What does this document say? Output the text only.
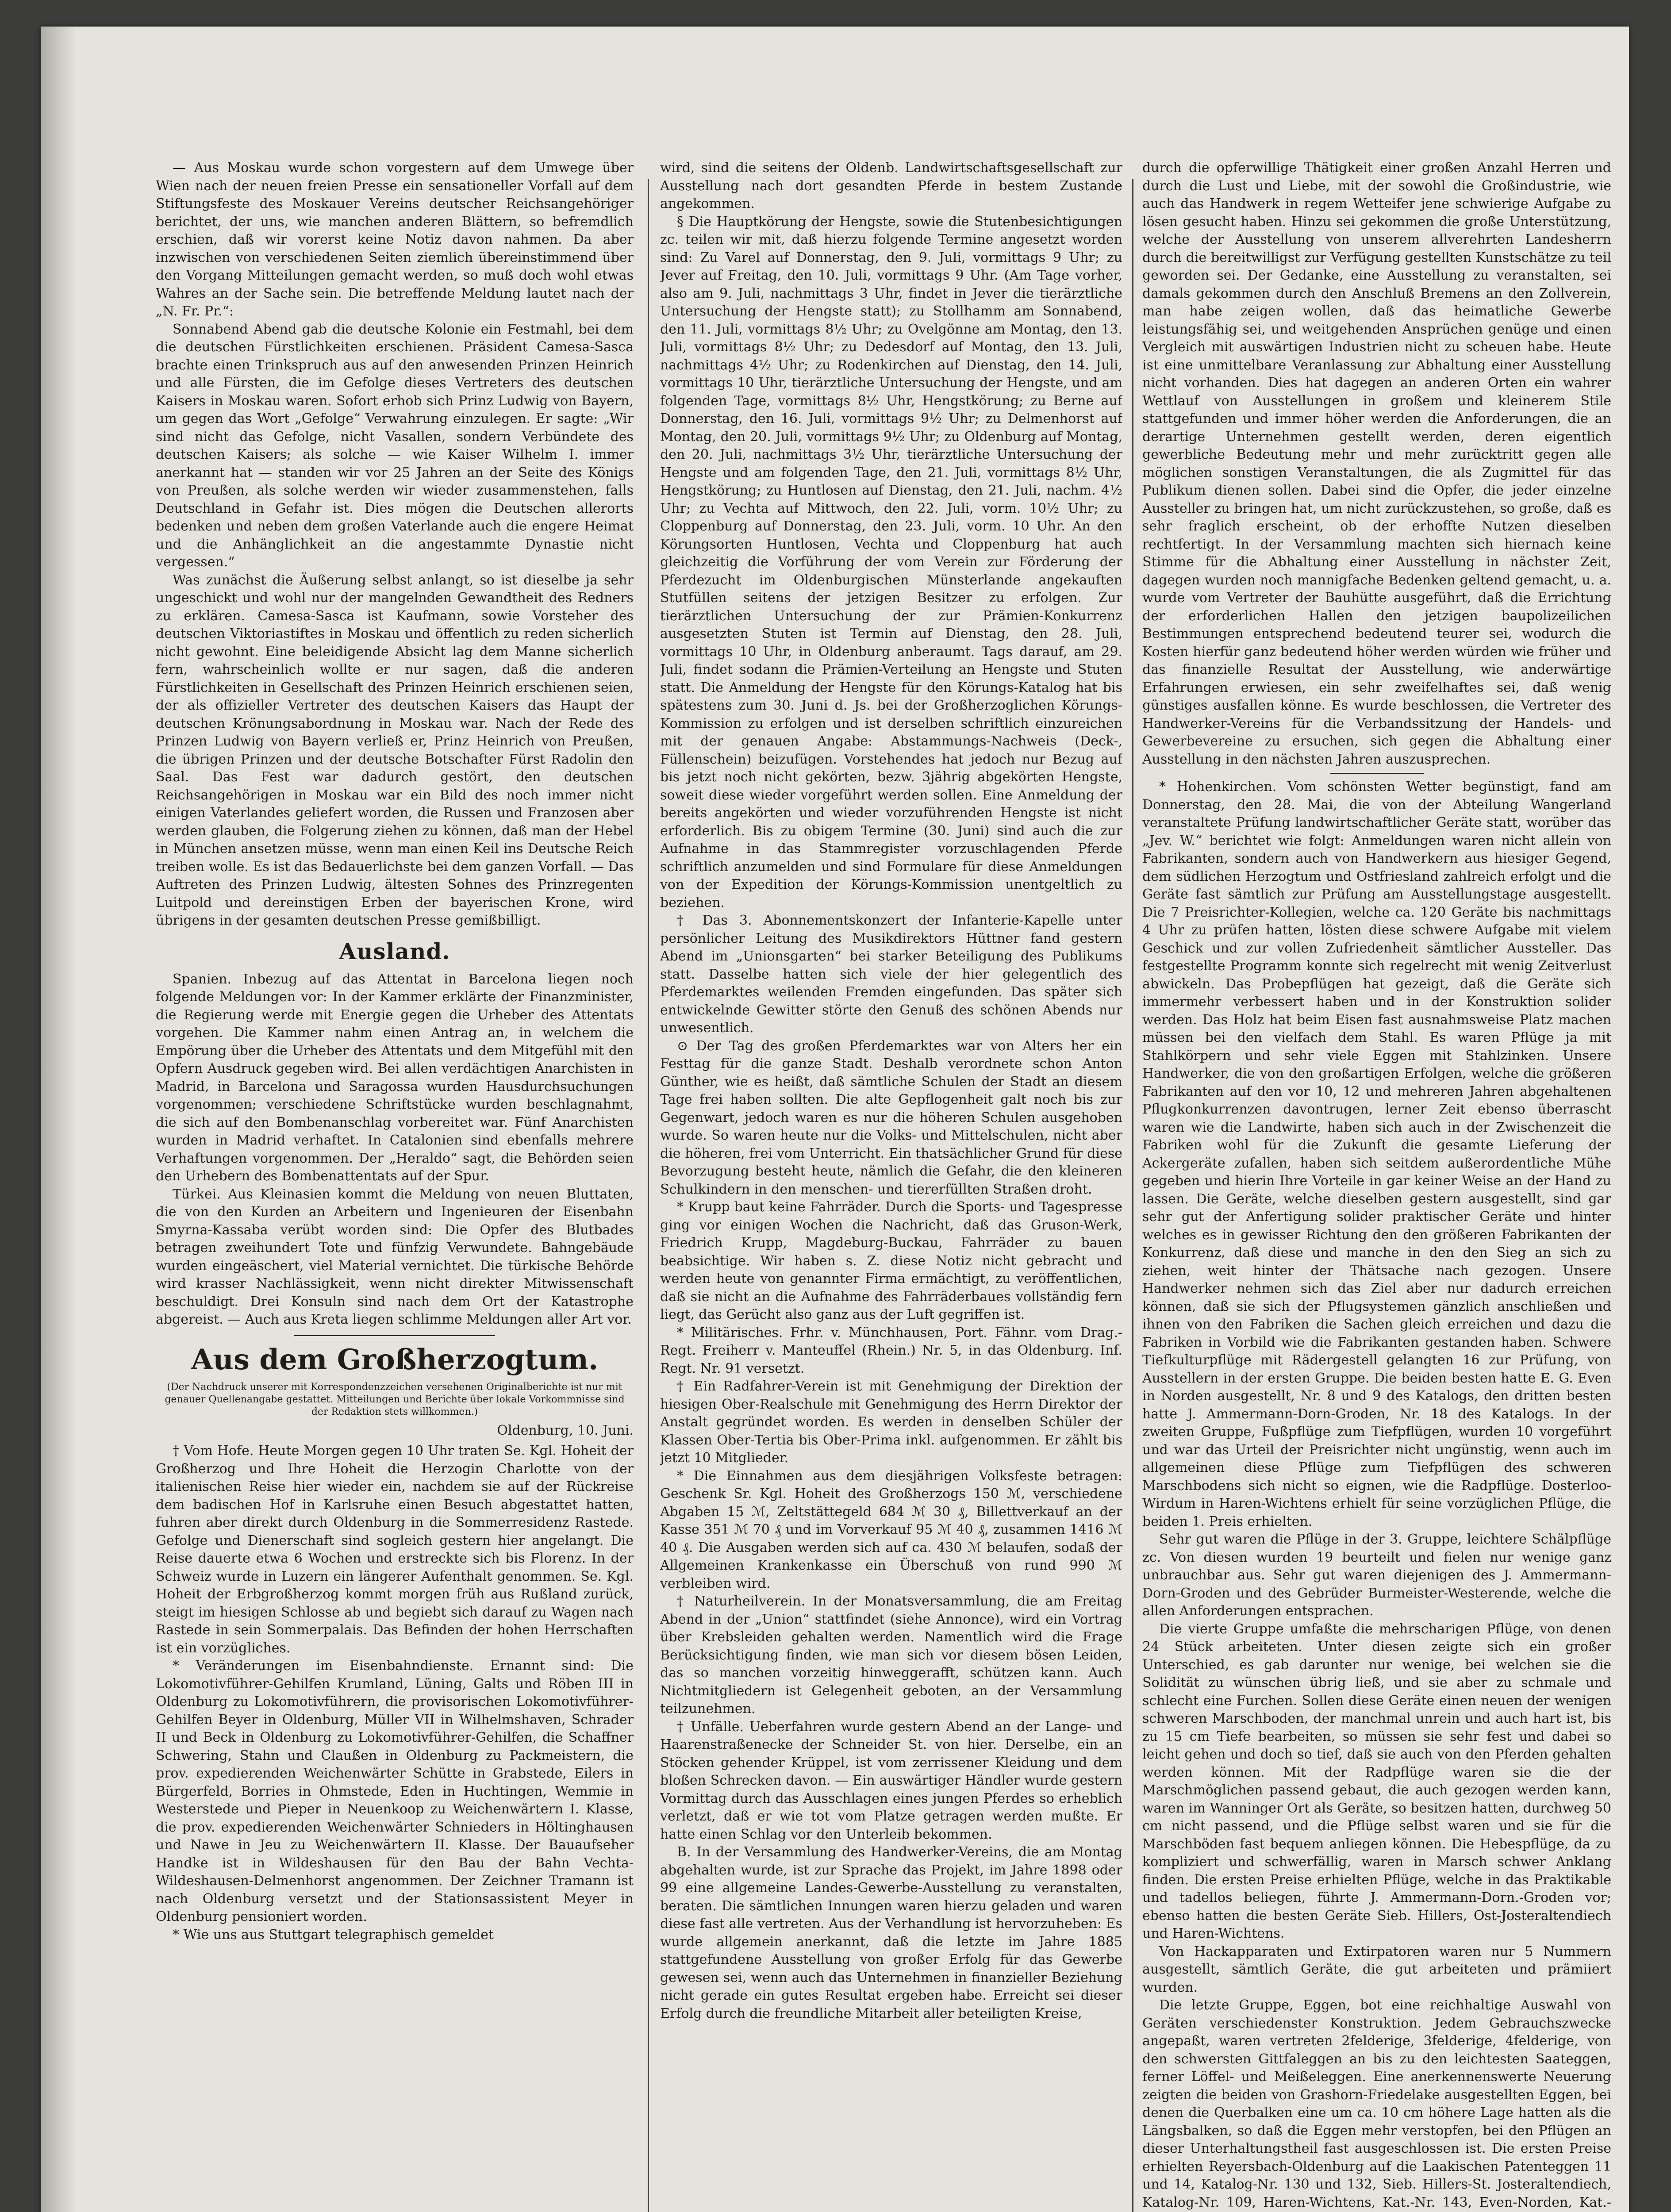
— Aus Moskau wurde schon vorgestern auf dem Umwege über Wien nach der neuen freien Presse ein sensationeller Vorfall auf dem Stiftungsfeste des Moskauer Vereins deutscher Reichsangehöriger berichtet, der uns, wie manchen anderen Blättern, so befremdlich erschien, daß wir vorerst keine Notiz davon nahmen. Da aber inzwischen von verschiedenen Seiten ziemlich übereinstimmend über den Vorgang Mitteilungen gemacht werden, so muß doch wohl etwas Wahres an der Sache sein. Die betreffende Meldung lautet nach der „N. Fr. Pr.“:

Sonnabend Abend gab die deutsche Kolonie ein Festmahl, bei dem die deutschen Fürstlichkeiten erschienen. Präsident Camesa-Sasca brachte einen Trinkspruch aus auf den anwesenden Prinzen Heinrich und alle Fürsten, die im Gefolge dieses Vertreters des deutschen Kaisers in Moskau waren. Sofort erhob sich Prinz Ludwig von Bayern, um gegen das Wort „Gefolge“ Verwahrung einzulegen. Er sagte: „Wir sind nicht das Gefolge, nicht Vasallen, sondern Verbündete des deutschen Kaisers; als solche — wie Kaiser Wilhelm I. immer anerkannt hat — standen wir vor 25 Jahren an der Seite des Königs von Preußen, als solche werden wir wieder zusammenstehen, falls Deutschland in Gefahr ist. Dies mögen die Deutschen allerorts bedenken und neben dem großen Vaterlande auch die engere Heimat und die Anhänglichkeit an die angestammte Dynastie nicht vergessen.“

Was zunächst die Äußerung selbst anlangt, so ist dieselbe ja sehr ungeschickt und wohl nur der mangelnden Gewandtheit des Redners zu erklären. Camesa-Sasca ist Kaufmann, sowie Vorsteher des deutschen Viktoriastiftes in Moskau und öffentlich zu reden sicherlich nicht gewohnt. Eine beleidigende Absicht lag dem Manne sicherlich fern, wahrscheinlich wollte er nur sagen, daß die anderen Fürstlichkeiten in Gesellschaft des Prinzen Heinrich erschienen seien, der als offizieller Vertreter des deutschen Kaisers das Haupt der deutschen Krönungsabordnung in Moskau war. Nach der Rede des Prinzen Ludwig von Bayern verließ er, Prinz Heinrich von Preußen, die übrigen Prinzen und der deutsche Botschafter Fürst Radolin den Saal. Das Fest war dadurch gestört, den deutschen Reichsangehörigen in Moskau war ein Bild des noch immer nicht einigen Vaterlandes geliefert worden, die Russen und Franzosen aber werden glauben, die Folgerung ziehen zu können, daß man der Hebel in München ansetzen müsse, wenn man einen Keil ins Deutsche Reich treiben wolle. Es ist das Bedauerlichste bei dem ganzen Vorfall. — Das Auftreten des Prinzen Ludwig, ältesten Sohnes des Prinzregenten Luitpold und dereinstigen Erben der bayerischen Krone, wird übrigens in der gesamten deutschen Presse gemißbilligt.

Ausland.

Spanien. Inbezug auf das Attentat in Barcelona liegen noch folgende Meldungen vor: In der Kammer erklärte der Finanzminister, die Regierung werde mit Energie gegen die Urheber des Attentats vorgehen. Die Kammer nahm einen Antrag an, in welchem die Empörung über die Urheber des Attentats und dem Mitgefühl mit den Opfern Ausdruck gegeben wird. Bei allen verdächtigen Anarchisten in Madrid, in Barcelona und Saragossa wurden Hausdurchsuchungen vorgenommen; verschiedene Schriftstücke wurden beschlagnahmt, die sich auf den Bombenanschlag vorbereitet war. Fünf Anarchisten wurden in Madrid verhaftet. In Catalonien sind ebenfalls mehrere Verhaftungen vorgenommen. Der „Heraldo“ sagt, die Behörden seien den Urhebern des Bombenattentats auf der Spur.

Türkei. Aus Kleinasien kommt die Meldung von neuen Bluttaten, die von den Kurden an Arbeitern und Ingenieuren der Eisenbahn Smyrna-Kassaba verübt worden sind: Die Opfer des Blutbades betragen zweihundert Tote und fünfzig Verwundete. Bahngebäude wurden eingeäschert, viel Material vernichtet. Die türkische Behörde wird krasser Nachlässigkeit, wenn nicht direkter Mitwissenschaft beschuldigt. Drei Konsuln sind nach dem Ort der Katastrophe abgereist. — Auch aus Kreta liegen schlimme Meldungen aller Art vor.

Aus dem Großherzogtum.

(Der Nachdruck unserer mit Korrespondenzzeichen versehenen Originalberichte ist nur mit genauer Quellenangabe gestattet. Mitteilungen und Berichte über lokale Vorkommnisse sind der Redaktion stets willkommen.)

Oldenburg, 10. Juni.

† Vom Hofe. Heute Morgen gegen 10 Uhr traten Se. Kgl. Hoheit der Großherzog und Ihre Hoheit die Herzogin Charlotte von der italienischen Reise hier wieder ein, nachdem sie auf der Rückreise dem badischen Hof in Karlsruhe einen Besuch abgestattet hatten, fuhren aber direkt durch Oldenburg in die Sommerresidenz Rastede. Gefolge und Dienerschaft sind sogleich gestern hier angelangt. Die Reise dauerte etwa 6 Wochen und erstreckte sich bis Florenz. In der Schweiz wurde in Luzern ein längerer Aufenthalt genommen. Se. Kgl. Hoheit der Erbgroßherzog kommt morgen früh aus Rußland zurück, steigt im hiesigen Schlosse ab und begiebt sich darauf zu Wagen nach Rastede in sein Sommerpalais. Das Befinden der hohen Herrschaften ist ein vorzügliches.

* Veränderungen im Eisenbahndienste. Ernannt sind: Die Lokomotivführer-Gehilfen Krumland, Lüning, Galts und Röben III in Oldenburg zu Lokomotivführern, die provisorischen Lokomotivführer-Gehilfen Beyer in Oldenburg, Müller VII in Wilhelmshaven, Schrader II und Beck in Oldenburg zu Lokomotivführer-Gehilfen, die Schaffner Schwering, Stahn und Claußen in Oldenburg zu Packmeistern, die prov. expedierenden Weichenwärter Schütte in Grabstede, Eilers in Bürgerfeld, Borries in Ohmstede, Eden in Huchtingen, Wemmie in Westerstede und Pieper in Neuenkoop zu Weichenwärtern I. Klasse, die prov. expedierenden Weichenwärter Schnieders in Höltinghausen und Nawe in Jeu zu Weichenwärtern II. Klasse. Der Bauaufseher Handke ist in Wildeshausen für den Bau der Bahn Vechta-Wildeshausen-Delmenhorst angenommen. Der Zeichner Tramann ist nach Oldenburg versetzt und der Stationsassistent Meyer in Oldenburg pensioniert worden.

* Wie uns aus Stuttgart telegraphisch gemeldet

wird, sind die seitens der Oldenb. Landwirtschaftsgesellschaft zur Ausstellung nach dort gesandten Pferde in bestem Zustande angekommen.

§ Die Hauptkörung der Hengste, sowie die Stutenbesichtigungen zc. teilen wir mit, daß hierzu folgende Termine angesetzt worden sind: Zu Varel auf Donnerstag, den 9. Juli, vormittags 9 Uhr; zu Jever auf Freitag, den 10. Juli, vormittags 9 Uhr. (Am Tage vorher, also am 9. Juli, nachmittags 3 Uhr, findet in Jever die tierärztliche Untersuchung der Hengste statt); zu Stollhamm am Sonnabend, den 11. Juli, vormittags 8½ Uhr; zu Ovelgönne am Montag, den 13. Juli, vormittags 8½ Uhr; zu Dedesdorf auf Montag, den 13. Juli, nachmittags 4½ Uhr; zu Rodenkirchen auf Dienstag, den 14. Juli, vormittags 10 Uhr, tierärztliche Untersuchung der Hengste, und am folgenden Tage, vormittags 8½ Uhr, Hengstkörung; zu Berne auf Donnerstag, den 16. Juli, vormittags 9½ Uhr; zu Delmenhorst auf Montag, den 20. Juli, vormittags 9½ Uhr; zu Oldenburg auf Montag, den 20. Juli, nachmittags 3½ Uhr, tierärztliche Untersuchung der Hengste und am folgenden Tage, den 21. Juli, vormittags 8½ Uhr, Hengstkörung; zu Huntlosen auf Dienstag, den 21. Juli, nachm. 4½ Uhr; zu Vechta auf Mittwoch, den 22. Juli, vorm. 10½ Uhr; zu Cloppenburg auf Donnerstag, den 23. Juli, vorm. 10 Uhr. An den Körungsorten Huntlosen, Vechta und Cloppenburg hat auch gleichzeitig die Vorführung der vom Verein zur Förderung der Pferdezucht im Oldenburgischen Münsterlande angekauften Stutfüllen seitens der jetzigen Besitzer zu erfolgen. Zur tierärztlichen Untersuchung der zur Prämien-Konkurrenz ausgesetzten Stuten ist Termin auf Dienstag, den 28. Juli, vormittags 10 Uhr, in Oldenburg anberaumt. Tags darauf, am 29. Juli, findet sodann die Prämien-Verteilung an Hengste und Stuten statt. Die Anmeldung der Hengste für den Körungs-Katalog hat bis spätestens zum 30. Juni d. Js. bei der Großherzoglichen Körungs-Kommission zu erfolgen und ist derselben schriftlich einzureichen mit der genauen Angabe: Abstammungs-Nachweis (Deck-, Füllenschein) beizufügen. Vorstehendes hat jedoch nur Bezug auf bis jetzt noch nicht gekörten, bezw. 3jährig abgekörten Hengste, soweit diese wieder vorgeführt werden sollen. Eine Anmeldung der bereits angekörten und wieder vorzuführenden Hengste ist nicht erforderlich. Bis zu obigem Termine (30. Juni) sind auch die zur Aufnahme in das Stammregister vorzuschlagenden Pferde schriftlich anzumelden und sind Formulare für diese Anmeldungen von der Expedition der Körungs-Kommission unentgeltlich zu beziehen.

† Das 3. Abonnementskonzert der Infanterie-Kapelle unter persönlicher Leitung des Musikdirektors Hüttner fand gestern Abend im „Unionsgarten“ bei starker Beteiligung des Publikums statt. Dasselbe hatten sich viele der hier gelegentlich des Pferdemarktes weilenden Fremden eingefunden. Das später sich entwickelnde Gewitter störte den Genuß des schönen Abends nur unwesentlich.

⊙ Der Tag des großen Pferdemarktes war von Alters her ein Festtag für die ganze Stadt. Deshalb verordnete schon Anton Günther, wie es heißt, daß sämtliche Schulen der Stadt an diesem Tage frei haben sollten. Die alte Gepflogenheit galt noch bis zur Gegenwart, jedoch waren es nur die höheren Schulen ausgehoben wurde. So waren heute nur die Volks- und Mittelschulen, nicht aber die höheren, frei vom Unterricht. Ein thatsächlicher Grund für diese Bevorzugung besteht heute, nämlich die Gefahr, die den kleineren Schulkindern in den menschen- und tiererfüllten Straßen droht.

* Krupp baut keine Fahrräder. Durch die Sports- und Tagespresse ging vor einigen Wochen die Nachricht, daß das Gruson-Werk, Friedrich Krupp, Magdeburg-Buckau, Fahrräder zu bauen beabsichtige. Wir haben s. Z. diese Notiz nicht gebracht und werden heute von genannter Firma ermächtigt, zu veröffentlichen, daß sie nicht an die Aufnahme des Fahrräderbaues vollständig fern liegt, das Gerücht also ganz aus der Luft gegriffen ist.

* Militärisches. Frhr. v. Münchhausen, Port. Fähnr. vom Drag.-Regt. Freiherr v. Manteuffel (Rhein.) Nr. 5, in das Oldenburg. Inf. Regt. Nr. 91 versetzt.

† Ein Radfahrer-Verein ist mit Genehmigung der Direktion der hiesigen Ober-Realschule mit Genehmigung des Herrn Direktor der Anstalt gegründet worden. Es werden in denselben Schüler der Klassen Ober-Tertia bis Ober-Prima inkl. aufgenommen. Er zählt bis jetzt 10 Mitglieder.

* Die Einnahmen aus dem diesjährigen Volksfeste betragen: Geschenk Sr. Kgl. Hoheit des Großherzogs 150 ℳ, verschiedene Abgaben 15 ℳ, Zeltstättegeld 684 ℳ 30 ₰, Billettverkauf an der Kasse 351 ℳ 70 ₰ und im Vorverkauf 95 ℳ 40 ₰, zusammen 1416 ℳ 40 ₰. Die Ausgaben werden sich auf ca. 430 ℳ belaufen, sodaß der Allgemeinen Krankenkasse ein Überschuß von rund 990 ℳ verbleiben wird.

† Naturheilverein. In der Monatsversammlung, die am Freitag Abend in der „Union“ stattfindet (siehe Annonce), wird ein Vortrag über Krebsleiden gehalten werden. Namentlich wird die Frage Berücksichtigung finden, wie man sich vor diesem bösen Leiden, das so manchen vorzeitig hinweggerafft, schützen kann. Auch Nichtmitgliedern ist Gelegenheit geboten, an der Versammlung teilzunehmen.

† Unfälle. Ueberfahren wurde gestern Abend an der Lange- und Haarenstraßenecke der Schneider St. von hier. Derselbe, ein an Stöcken gehender Krüppel, ist vom zerrissener Kleidung und dem bloßen Schrecken davon. — Ein auswärtiger Händler wurde gestern Vormittag durch das Ausschlagen eines jungen Pferdes so erheblich verletzt, daß er wie tot vom Platze getragen werden mußte. Er hatte einen Schlag vor den Unterleib bekommen.

B. In der Versammlung des Handwerker-Vereins, die am Montag abgehalten wurde, ist zur Sprache das Projekt, im Jahre 1898 oder 99 eine allgemeine Landes-Gewerbe-Ausstellung zu veranstalten, beraten. Die sämtlichen Innungen waren hierzu geladen und waren diese fast alle vertreten. Aus der Verhandlung ist hervorzuheben: Es wurde allgemein anerkannt, daß die letzte im Jahre 1885 stattgefundene Ausstellung von großer Erfolg für das Gewerbe gewesen sei, wenn auch das Unternehmen in finanzieller Beziehung nicht gerade ein gutes Resultat ergeben habe. Erreicht sei dieser Erfolg durch die freundliche Mitarbeit aller beteiligten Kreise,

durch die opferwillige Thätigkeit einer großen Anzahl Herren und durch die Lust und Liebe, mit der sowohl die Großindustrie, wie auch das Handwerk in regem Wetteifer jene schwierige Aufgabe zu lösen gesucht haben. Hinzu sei gekommen die große Unterstützung, welche der Ausstellung von unserem allverehrten Landesherrn durch die bereitwilligst zur Verfügung gestellten Kunstschätze zu teil geworden sei. Der Gedanke, eine Ausstellung zu veranstalten, sei damals gekommen durch den Anschluß Bremens an den Zollverein, man habe zeigen wollen, daß das heimatliche Gewerbe leistungsfähig sei, und weitgehenden Ansprüchen genüge und einen Vergleich mit auswärtigen Industrien nicht zu scheuen habe. Heute ist eine unmittelbare Veranlassung zur Abhaltung einer Ausstellung nicht vorhanden. Dies hat dagegen an anderen Orten ein wahrer Wettlauf von Ausstellungen in großem und kleinerem Stile stattgefunden und immer höher werden die Anforderungen, die an derartige Unternehmen gestellt werden, deren eigentlich gewerbliche Bedeutung mehr und mehr zurücktritt gegen alle möglichen sonstigen Veranstaltungen, die als Zugmittel für das Publikum dienen sollen. Dabei sind die Opfer, die jeder einzelne Aussteller zu bringen hat, um nicht zurückzustehen, so große, daß es sehr fraglich erscheint, ob der erhoffte Nutzen dieselben rechtfertigt. In der Versammlung machten sich hiernach keine Stimme für die Abhaltung einer Ausstellung in nächster Zeit, dagegen wurden noch mannigfache Bedenken geltend gemacht, u. a. wurde vom Vertreter der Bauhütte ausgeführt, daß die Errichtung der erforderlichen Hallen den jetzigen baupolizeilichen Bestimmungen entsprechend bedeutend teurer sei, wodurch die Kosten hierfür ganz bedeutend höher werden würden wie früher und das finanzielle Resultat der Ausstellung, wie anderwärtige Erfahrungen erwiesen, ein sehr zweifelhaftes sei, daß wenig günstiges ausfallen könne. Es wurde beschlossen, die Vertreter des Handwerker-Vereins für die Verbandssitzung der Handels- und Gewerbevereine zu ersuchen, sich gegen die Abhaltung einer Ausstellung in den nächsten Jahren auszusprechen.

* Hohenkirchen. Vom schönsten Wetter begünstigt, fand am Donnerstag, den 28. Mai, die von der Abteilung Wangerland veranstaltete Prüfung landwirtschaftlicher Geräte statt, worüber das „Jev. W.“ berichtet wie folgt: Anmeldungen waren nicht allein von Fabrikanten, sondern auch von Handwerkern aus hiesiger Gegend, dem südlichen Herzogtum und Ostfriesland zahlreich erfolgt und die Geräte fast sämtlich zur Prüfung am Ausstellungstage ausgestellt. Die 7 Preisrichter-Kollegien, welche ca. 120 Geräte bis nachmittags 4 Uhr zu prüfen hatten, lösten diese schwere Aufgabe mit vielem Geschick und zur vollen Zufriedenheit sämtlicher Aussteller. Das festgestellte Programm konnte sich regelrecht mit wenig Zeitverlust abwickeln. Das Probepflügen hat gezeigt, daß die Geräte sich immermehr verbessert haben und in der Konstruktion solider werden. Das Holz hat beim Eisen fast ausnahmsweise Platz machen müssen bei den vielfach dem Stahl. Es waren Pflüge ja mit Stahlkörpern und sehr viele Eggen mit Stahlzinken. Unsere Handwerker, die von den großartigen Erfolgen, welche die größeren Fabrikanten auf den vor 10, 12 und mehreren Jahren abgehaltenen Pflugkonkurrenzen davontrugen, lerner Zeit ebenso überrascht waren wie die Landwirte, haben sich auch in der Zwischenzeit die Fabriken wohl für die Zukunft die gesamte Lieferung der Ackergeräte zufallen, haben sich seitdem außerordentliche Mühe gegeben und hierin Ihre Vorteile in gar keiner Weise an der Hand zu lassen. Die Geräte, welche dieselben gestern ausgestellt, sind gar sehr gut der Anfertigung solider praktischer Geräte und hinter welches es in gewisser Richtung den den größeren Fabrikanten der Konkurrenz, daß diese und manche in den den Sieg an sich zu ziehen, weit hinter der Thätsache nach gezogen. Unsere Handwerker nehmen sich das Ziel aber nur dadurch erreichen können, daß sie sich der Pflugsystemen gänzlich anschließen und ihnen von den Fabriken die Sachen gleich erreichen und dazu die Fabriken in Vorbild wie die Fabrikanten gestanden haben. Schwere Tiefkulturpflüge mit Rädergestell gelangten 16 zur Prüfung, von Ausstellern in der ersten Gruppe. Die beiden besten hatte E. G. Even in Norden ausgestellt, Nr. 8 und 9 des Katalogs, den dritten besten hatte J. Ammermann-Dorn-Groden, Nr. 18 des Katalogs. In der zweiten Gruppe, Fußpflüge zum Tiefpflügen, wurden 10 vorgeführt und war das Urteil der Preisrichter nicht ungünstig, wenn auch im allgemeinen diese Pflüge zum Tiefpflügen des schweren Marschbodens sich nicht so eignen, wie die Radpflüge. Dosterloo-Wirdum in Haren-Wichtens erhielt für seine vorzüglichen Pflüge, die beiden 1. Preis erhielten.

Sehr gut waren die Pflüge in der 3. Gruppe, leichtere Schälpflüge zc. Von diesen wurden 19 beurteilt und fielen nur wenige ganz unbrauchbar aus. Sehr gut waren diejenigen des J. Ammermann-Dorn-Groden und des Gebrüder Burmeister-Westerende, welche die allen Anforderungen entsprachen.

Die vierte Gruppe umfaßte die mehrscharigen Pflüge, von denen 24 Stück arbeiteten. Unter diesen zeigte sich ein großer Unterschied, es gab darunter nur wenige, bei welchen sie die Solidität zu wünschen übrig ließ, und sie aber zu schmale und schlecht eine Furchen. Sollen diese Geräte einen neuen der wenigen schweren Marschboden, der manchmal unrein und auch hart ist, bis zu 15 cm Tiefe bearbeiten, so müssen sie sehr fest und dabei so leicht gehen und doch so tief, daß sie auch von den Pferden gehalten werden können. Mit der Radpflüge waren sie die der Marschmöglichen passend gebaut, die auch gezogen werden kann, waren im Wanninger Ort als Geräte, so besitzen hatten, durchweg 50 cm nicht passend, und die Pflüge selbst waren und sie für die Marschböden fast bequem anliegen können. Die Hebespflüge, da zu kompliziert und schwerfällig, waren in Marsch schwer Anklang finden. Die ersten Preise erhielten Pflüge, welche in das Praktikable und tadellos beliegen, führte J. Ammermann-Dorn.-Groden vor; ebenso hatten die besten Geräte Sieb. Hillers, Ost-Josteraltendiech und Haren-Wichtens.

Von Hackapparaten und Extirpatoren waren nur 5 Nummern ausgestellt, sämtlich Geräte, die gut arbeiteten und prämiiert wurden.

Die letzte Gruppe, Eggen, bot eine reichhaltige Auswahl von Geräten verschiedenster Konstruktion. Jedem Gebrauchszwecke angepaßt, waren vertreten 2felderige, 3felderige, 4felderige, von den schwersten Gittfaleggen an bis zu den leichtesten Saateggen, ferner Löffel- und Meißeleggen. Eine anerkennenswerte Neuerung zeigten die beiden von Grashorn-Friedelake ausgestellten Eggen, bei denen die Querbalken eine um ca. 10 cm höhere Lage hatten als die Längsbalken, so daß die Eggen mehr verstopfen, bei den Pflügen an dieser Unterhaltungstheil fast ausgeschlossen ist. Die ersten Preise erhielten Reyersbach-Oldenburg auf die Laakischen Patenteggen 11 und 14, Katalog-Nr. 130 und 132, Sieb. Hillers-St. Josteraltendiech, Katalog-Nr. 109, Haren-Wichtens, Kat.-Nr. 143, Even-Norden, Kat.-
